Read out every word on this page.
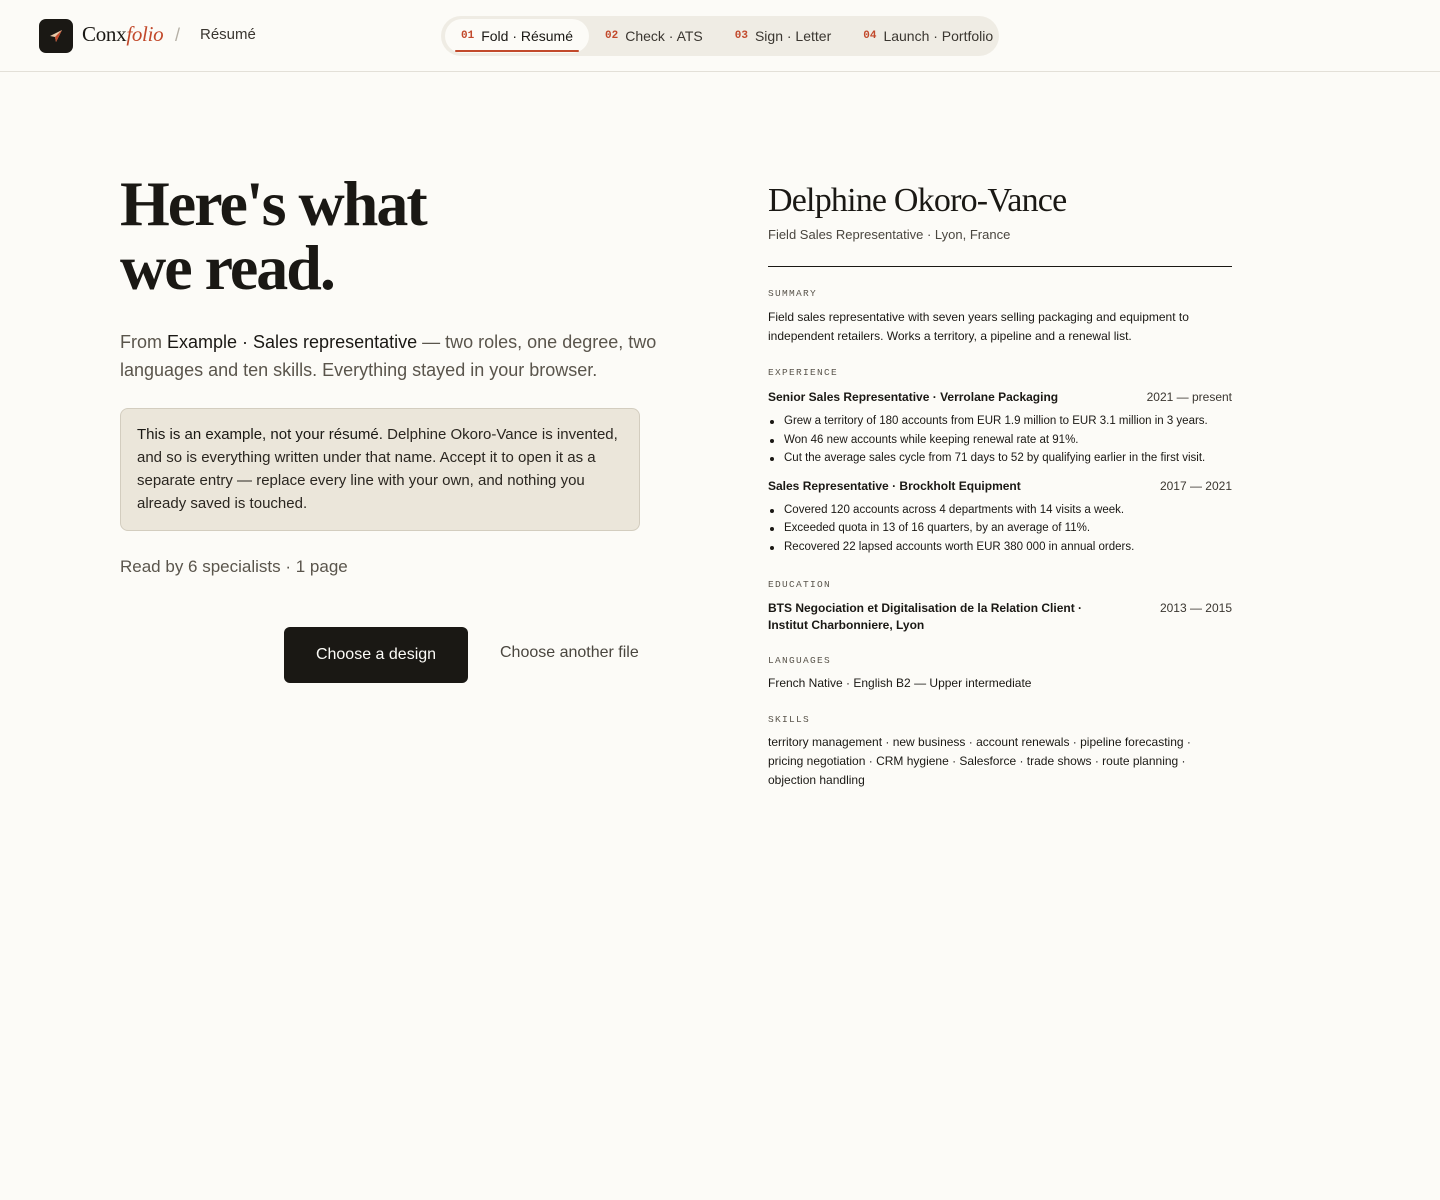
Conxfolio / Résumé	01 Fold · Résumé	02 Check · ATS	03 Sign · Letter	04 Launch · Portfolio
Here's what
we read.

From Example · Sales representative — two roles, one degree, two languages and ten skills. Everything stayed in your browser.

This is an example, not your résumé. Delphine Okoro-Vance is invented, and so is everything written under that name. Accept it to open it as a separate entry — replace every line with your own, and nothing you already saved is touched.
Read by 6 specialists · 1 page
Choose a design	Choose another file
Delphine Okoro-Vance
Field Sales Representative · Lyon, France
SUMMARY

Field sales representative with seven years selling packaging and equipment to independent retailers. Works a territory, a pipeline and a renewal list.

EXPERIENCE
Senior Sales Representative · Verrolane Packaging	2021 — present
Grew a territory of 180 accounts from EUR 1.9 million to EUR 3.1 million in 3 years.
Won 46 new accounts while keeping renewal rate at 91%.
Cut the average sales cycle from 71 days to 52 by qualifying earlier in the first visit.
Sales Representative · Brockholt Equipment	2017 — 2021
Covered 120 accounts across 4 departments with 14 visits a week.
Exceeded quota in 13 of 16 quarters, by an average of 11%.
Recovered 22 lapsed accounts worth EUR 380 000 in annual orders.
EDUCATION
BTS Negociation et Digitalisation de la Relation Client · Institut Charbonniere, Lyon
2013 — 2015
LANGUAGES

French Native · English B2 — Upper intermediate

SKILLS

territory management · new business · account renewals · pipeline forecasting · pricing negotiation · CRM hygiene · Salesforce · trade shows · route planning · objection handling
